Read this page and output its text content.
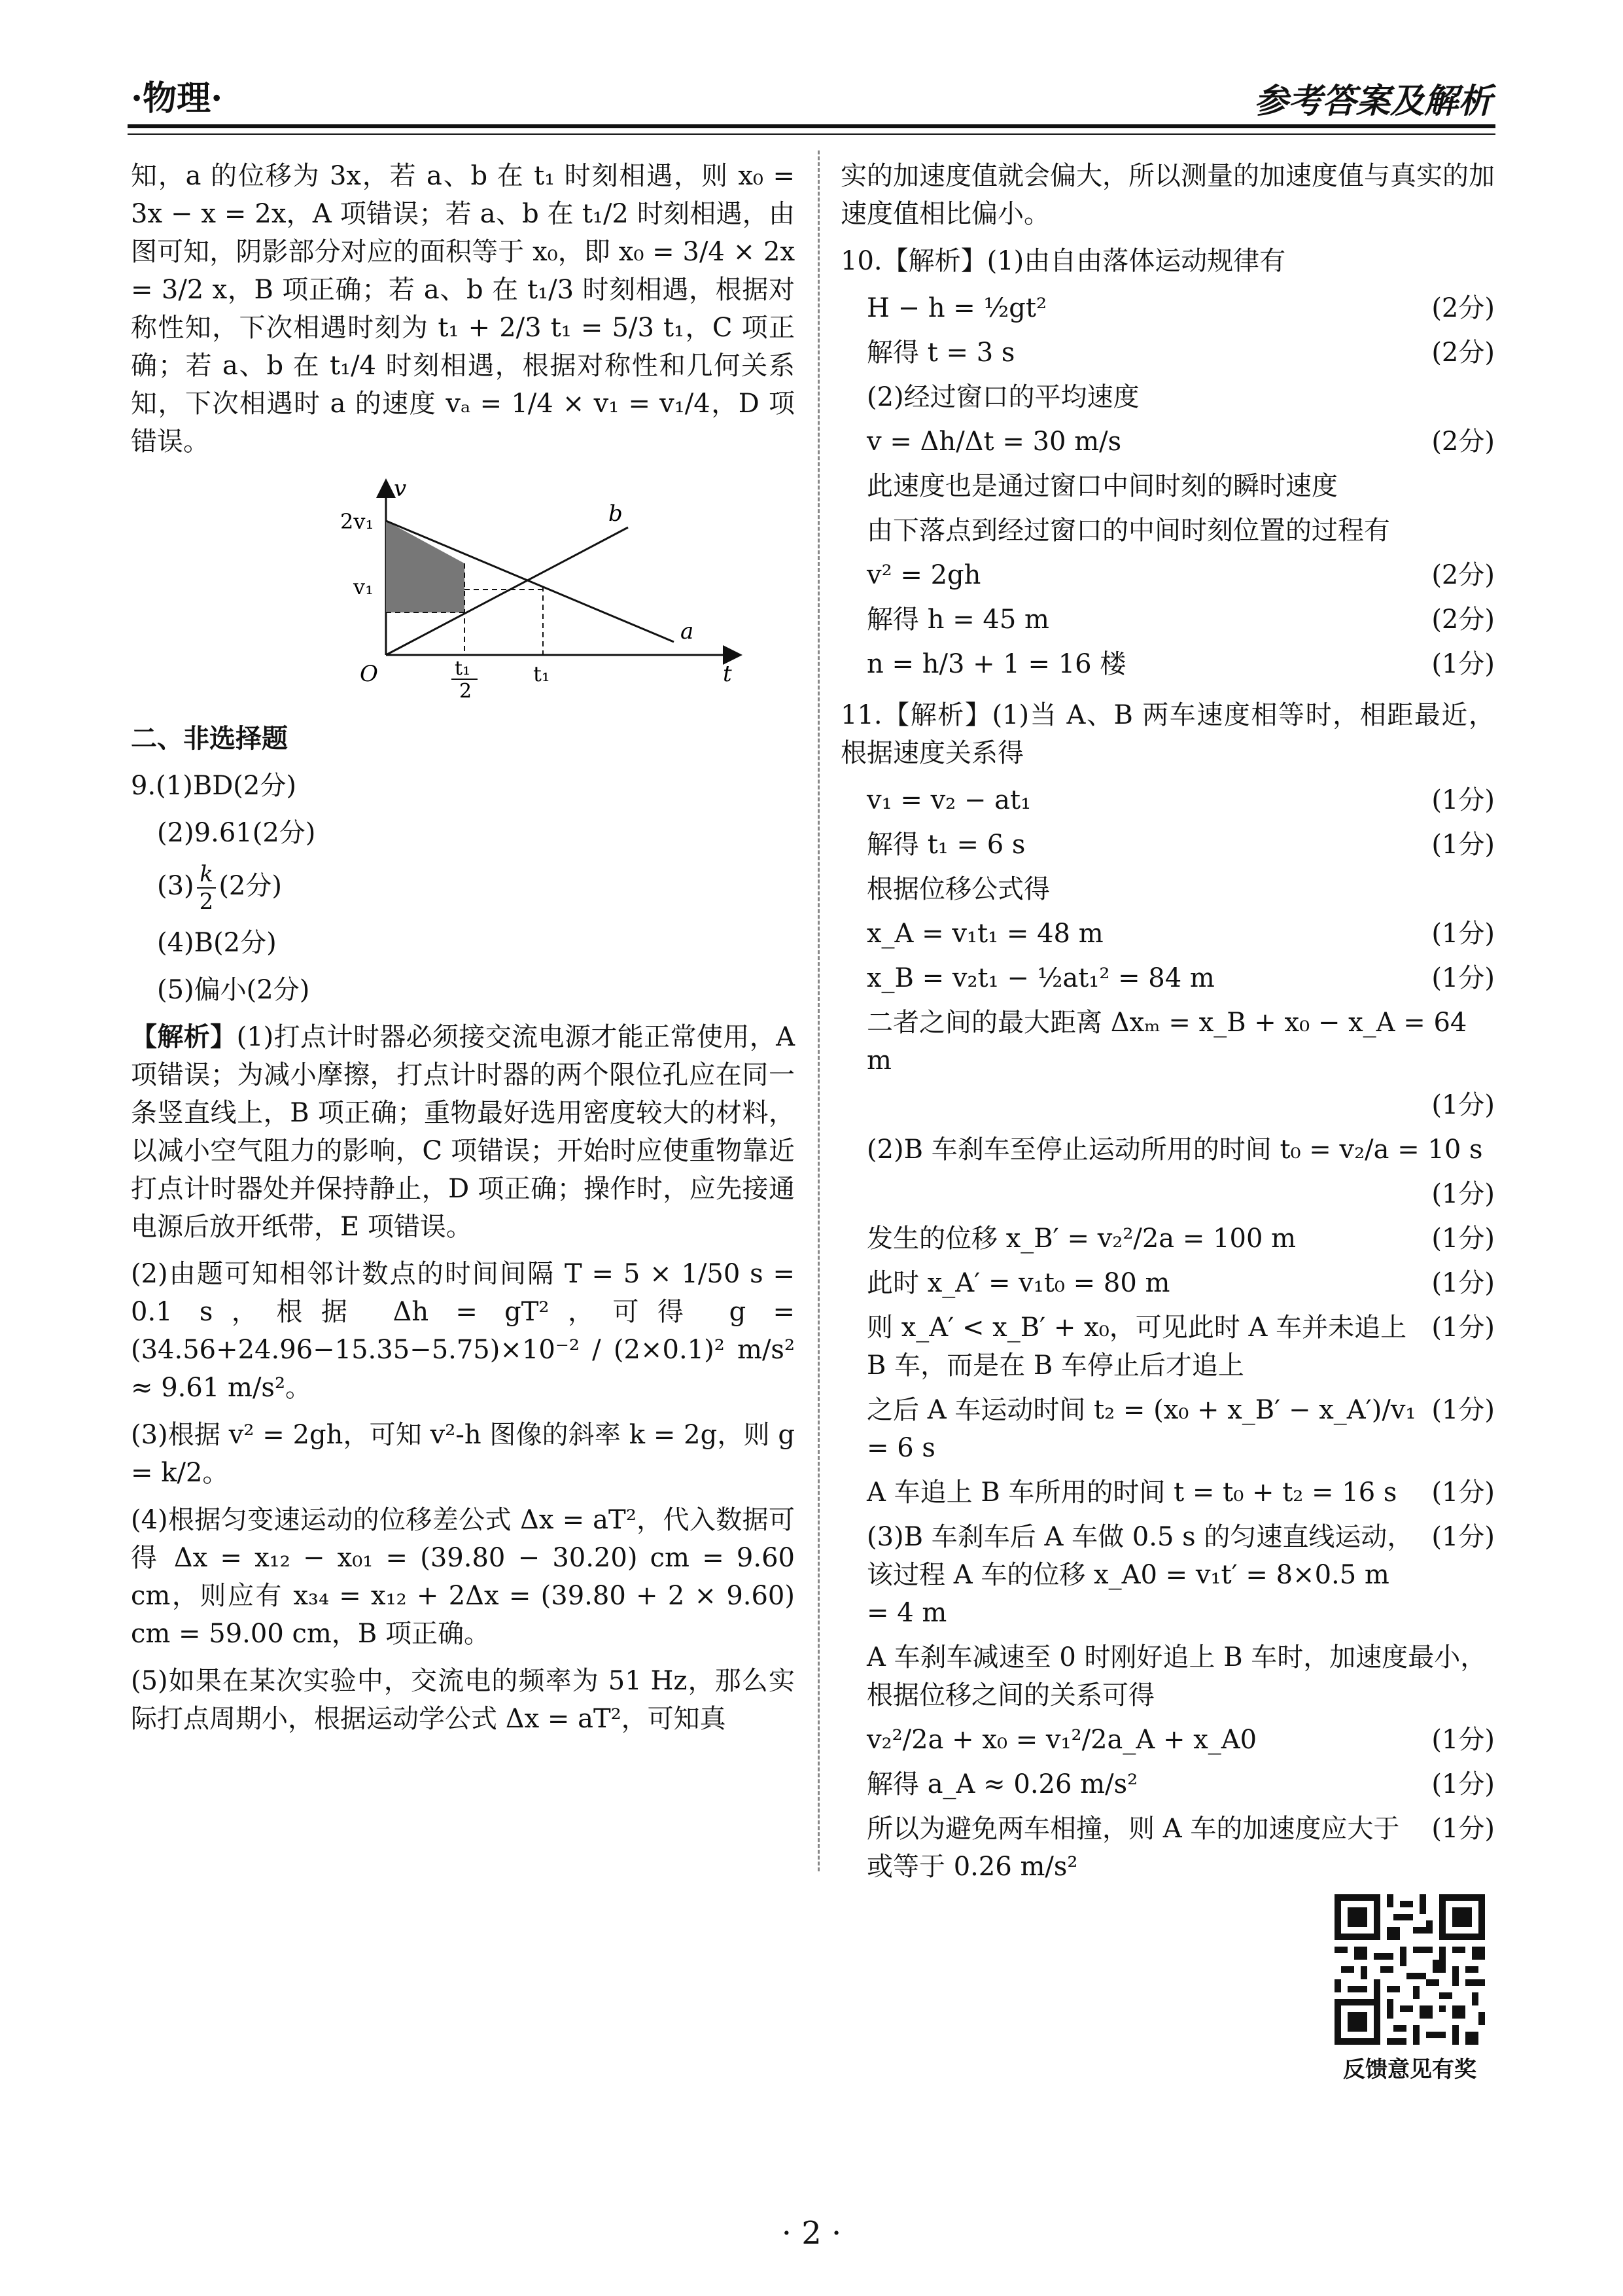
·物理·	参考答案及解析

知，a 的位移为 3x，若 a、b 在 t₁ 时刻相遇，则 x₀ = 3x − x = 2x，A 项错误；若 a、b 在 t₁/2 时刻相遇，由图可知，阴影部分对应的面积等于 x₀，即 x₀ = 3/4 × 2x = 3/2 x，B 项正确；若 a、b 在 t₁/3 时刻相遇，根据对称性知，下次相遇时刻为 t₁ + 2/3 t₁ = 5/3 t₁，C 项正确；若 a、b 在 t₁/4 时刻相遇，根据对称性和几何关系知，下次相遇时 a 的速度 vₐ = 1/4 × v₁ = v₁/4，D 项错误。

v
t
O
2v₁
v₁
t₁
t₁
2
a
b

二、非选择题

9.(1)BD(2分)

(2)9.61(2分)

$(3) \frac{k}{2} (2$分)

(4)B(2分)

(5)偏小(2分)

【解析】(1)打点计时器必须接交流电源才能正常使用，A 项错误；为减小摩擦，打点计时器的两个限位孔应在同一条竖直线上，B 项正确；重物最好选用密度较大的材料，以减小空气阻力的影响，C 项错误；开始时应使重物靠近打点计时器处并保持静止，D 项正确；操作时，应先接通电源后放开纸带，E 项错误。

(2)由题可知相邻计数点的时间间隔 T = 5 × 1/50 s = 0.1 s，根据 Δh = gT²，可得 g = (34.56+24.96−15.35−5.75)×10⁻² / (2×0.1)² m/s² ≈ 9.61 m/s²。

(3)根据 v² = 2gh，可知 v²-h 图像的斜率 k = 2g，则 g = k/2。

(4)根据匀变速运动的位移差公式 Δx = aT²，代入数据可得 Δx = x₁₂ − x₀₁ = (39.80 − 30.20) cm = 9.60 cm，则应有 x₃₄ = x₁₂ + 2Δx = (39.80 + 2 × 9.60) cm = 59.00 cm，B 项正确。

(5)如果在某次实验中，交流电的频率为 51 Hz，那么实际打点周期小，根据运动学公式 Δx = aT²，可知真

实的加速度值就会偏大，所以测量的加速度值与真实的加速度值相比偏小。

10.【解析】(1)由自由落体运动规律有

H − h = ½gt²	(2分)
解得 t = 3 s	(2分)
(2)经过窗口的平均速度
v = Δh/Δt = 30 m/s	(2分)
此速度也是通过窗口中间时刻的瞬时速度
由下落点到经过窗口的中间时刻位置的过程有
v² = 2gh	(2分)
解得 h = 45 m	(2分)
n = h/3 + 1 = 16 楼	(1分)

11.【解析】(1)当 A、B 两车速度相等时，相距最近，根据速度关系得

v₁ = v₂ − at₁	(1分)
解得 t₁ = 6 s	(1分)
根据位移公式得
x_A = v₁t₁ = 48 m	(1分)
x_B = v₂t₁ − ½at₁² = 84 m	(1分)
二者之间的最大距离 Δxₘ = x_B + x₀ − x_A = 64 m
(1分)
(2)B 车刹车至停止运动所用的时间 t₀ = v₂/a = 10 s
(1分)
发生的位移 x_B′ = v₂²/2a = 100 m	(1分)
此时 x_A′ = v₁t₀ = 80 m	(1分)
则 x_A′ < x_B′ + x₀，可见此时 A 车并未追上 B 车，而是在 B 车停止后才追上
(1分)
之后 A 车运动时间 t₂ = (x₀ + x_B′ − x_A′)/v₁ = 6 s
(1分)
A 车追上 B 车所用的时间 t = t₀ + t₂ = 16 s	(1分)
(3)B 车刹车后 A 车做 0.5 s 的匀速直线运动，该过程 A 车的位移 x_A0 = v₁t′ = 8×0.5 m = 4 m
(1分)
A 车刹车减速至 0 时刚好追上 B 车时，加速度最小，根据位移之间的关系可得
v₂²/2a + x₀ = v₁²/2a_A + x_A0	(1分)
解得 a_A ≈ 0.26 m/s²	(1分)
所以为避免两车相撞，则 A 车的加速度应大于或等于 0.26 m/s²
(1分)
反馈意见有奖
· 2 ·
